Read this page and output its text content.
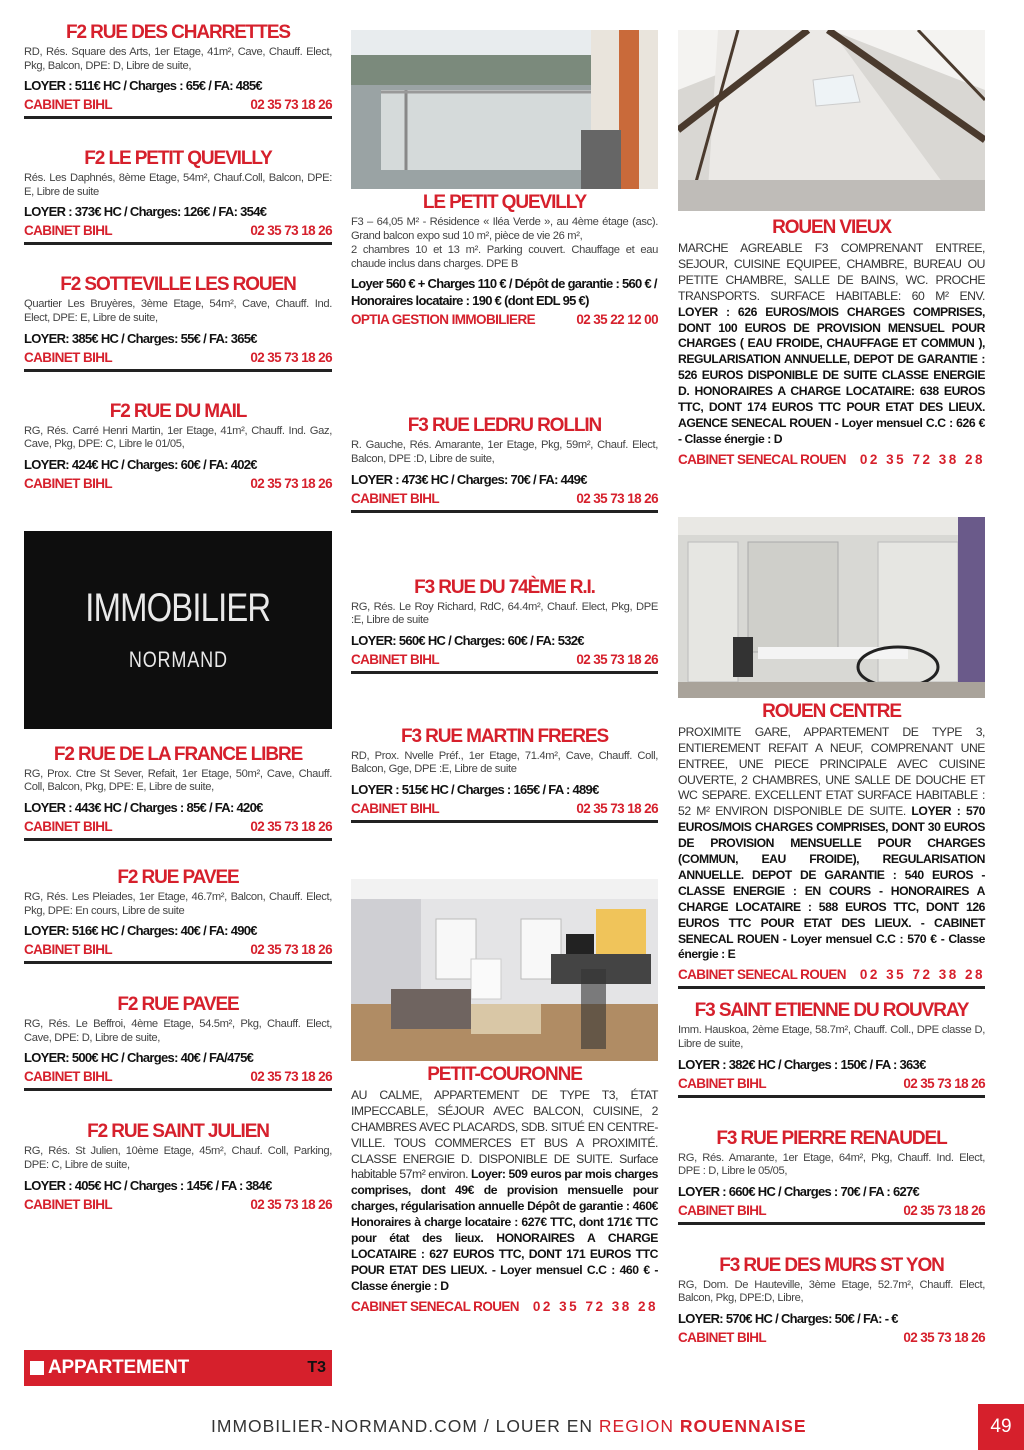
F2 RUE DES CHARRETTES

RD, Rés. Square des Arts, 1er Etage, 41m², Cave, Chauff. Elect, Pkg, Balcon, DPE: D, Libre de suite,

LOYER : 511€ HC / Charges : 65€ / FA: 485€

CABINET BIHL	02 35 73 18 26
F2 LE PETIT QUEVILLY

Rés. Les Daphnés, 8ème Etage, 54m², Chauf.Coll, Balcon, DPE: E, Libre de suite

LOYER : 373€ HC / Charges: 126€ / FA: 354€

CABINET BIHL	02 35 73 18 26
F2 SOTTEVILLE LES ROUEN

Quartier Les Bruyères, 3ème Etage, 54m², Cave, Chauff. Ind. Elect, DPE: E, Libre de suite,

LOYER: 385€ HC / Charges: 55€ / FA: 365€

CABINET BIHL	02 35 73 18 26
F2 RUE DU MAIL

RG, Rés. Carré Henri Martin, 1er Etage, 41m², Chauff. Ind. Gaz, Cave, Pkg, DPE: C, Libre le 01/05,

LOYER: 424€ HC / Charges: 60€ / FA: 402€

CABINET BIHL	02 35 73 18 26
IMMOBILIER
NORMAND
F2 RUE DE LA FRANCE LIBRE

RG, Prox. Ctre St Sever, Refait, 1er Etage, 50m², Cave, Chauff. Coll, Balcon, Pkg, DPE: E, Libre de suite,

LOYER : 443€ HC / Charges : 85€ / FA: 420€

CABINET BIHL	02 35 73 18 26
F2 RUE PAVEE

RG, Rés. Les Pleiades, 1er Etage, 46.7m², Balcon, Chauff. Elect, Pkg, DPE: En cours, Libre de suite

LOYER: 516€ HC / Charges: 40€ / FA: 490€

CABINET BIHL	02 35 73 18 26
F2 RUE PAVEE

RG, Rés. Le Beffroi, 4ème Etage, 54.5m², Pkg, Chauff. Elect, Cave, DPE: D, Libre de suite,

LOYER: 500€ HC / Charges: 40€ / FA/475€

CABINET BIHL	02 35 73 18 26
F2 RUE SAINT JULIEN

RG, Rés. St Julien, 10ème Etage, 45m², Chauf. Coll, Parking, DPE: C, Libre de suite,

LOYER : 405€ HC / Charges : 145€ / FA : 384€

CABINET BIHL	02 35 73 18 26
APPARTEMENT	T3
LE PETIT QUEVILLY

F3 – 64,05 M² - Résidence « Iléa Verde », au 4ème étage (asc). Grand balcon expo sud 10 m², pièce de vie 26 m²,

2 chambres 10 et 13 m². Parking couvert. Chauffage et eau chaude inclus dans charges. DPE B

Loyer 560 € + Charges 110 € / Dépôt de garantie : 560 € / Honoraires locataire : 190 € (dont EDL 95 €)

OPTIA GESTION IMMOBILIERE	02 35 22 12 00
F3 RUE LEDRU ROLLIN

R. Gauche, Rés. Amarante, 1er Etage, Pkg, 59m², Chauf. Elect, Balcon, DPE :D, Libre de suite,

LOYER : 473€ HC / Charges: 70€ / FA: 449€

CABINET BIHL	02 35 73 18 26
F3 RUE DU 74ÈME R.I.

RG, Rés. Le Roy Richard, RdC, 64.4m², Chauf. Elect, Pkg, DPE :E, Libre de suite

LOYER: 560€ HC / Charges: 60€ / FA: 532€

CABINET BIHL	02 35 73 18 26
F3 RUE MARTIN FRERES

RD, Prox. Nvelle Préf., 1er Etage, 71.4m², Cave, Chauff. Coll, Balcon, Gge, DPE :E, Libre de suite

LOYER : 515€ HC / Charges : 165€ / FA : 489€

CABINET BIHL	02 35 73 18 26
PETIT-COURONNE

AU CALME, APPARTEMENT DE TYPE T3, ÉTAT IMPECCABLE, SÉJOUR AVEC BALCON, CUISINE, 2 CHAMBRES AVEC PLACARDS, SDB. SITUÉ EN CENTRE-VILLE. TOUS COMMERCES ET BUS A PROXIMITÉ. CLASSE ENERGIE D. DISPONIBLE DE SUITE. Surface habitable 57m² environ. Loyer: 509 euros par mois charges comprises, dont 49€ de provision mensuelle pour charges, régularisation annuelle Dépôt de garantie : 460€ Honoraires à charge locataire : 627€ TTC, dont 171€ TTC pour état des lieux. HONORAIRES A CHARGE LOCATAIRE : 627 EUROS TTC, DONT 171 EUROS TTC POUR ETAT DES LIEUX. - Loyer mensuel C.C : 460 € - Classe énergie : D

CABINET SENECAL ROUEN 02 35 72 38 28
ROUEN VIEUX

MARCHE AGREABLE F3 COMPRENANT ENTREE, SEJOUR, CUISINE EQUIPEE, CHAMBRE, BUREAU OU PETITE CHAMBRE, SALLE DE BAINS, WC. PROCHE TRANSPORTS. SURFACE HABITABLE: 60 M² ENV. LOYER : 626 EUROS/MOIS CHARGES COMPRISES, DONT 100 EUROS DE PROVISION MENSUEL POUR CHARGES ( EAU FROIDE, CHAUFFAGE ET COMMUN ), REGULARISATION ANNUELLE, DEPOT DE GARANTIE : 526 EUROS DISPONIBLE DE SUITE CLASSE ENERGIE D. HONORAIRES A CHARGE LOCATAIRE: 638 EUROS TTC, DONT 174 EUROS TTC POUR ETAT DES LIEUX. AGENCE SENECAL ROUEN - Loyer mensuel C.C : 626 € - Classe énergie : D

CABINET SENECAL ROUEN 02 35 72 38 28
ROUEN CENTRE

PROXIMITE GARE, APPARTEMENT DE TYPE 3, ENTIEREMENT REFAIT A NEUF, COMPRENANT UNE ENTREE, UNE PIECE PRINCIPALE AVEC CUISINE OUVERTE, 2 CHAMBRES, UNE SALLE DE DOUCHE ET WC SEPARE. EXCELLENT ETAT SURFACE HABITABLE : 52 M² ENVIRON DISPONIBLE DE SUITE. LOYER : 570 EUROS/MOIS CHARGES COMPRISES, DONT 30 EUROS DE PROVISION MENSUELLE POUR CHARGES (COMMUN, EAU FROIDE), REGULARISATION ANNUELLE. DEPOT DE GARANTIE : 540 EUROS - CLASSE ENERGIE : EN COURS - HONORAIRES A CHARGE LOCATAIRE : 588 EUROS TTC, DONT 126 EUROS TTC POUR ETAT DES LIEUX. - CABINET SENECAL ROUEN - Loyer mensuel C.C : 570 € - Classe énergie : E

CABINET SENECAL ROUEN 02 35 72 38 28
F3 SAINT ETIENNE DU ROUVRAY

Imm. Hauskoa, 2ème Etage, 58.7m², Chauff. Coll., DPE classe D, Libre de suite,

LOYER : 382€ HC / Charges : 150€ / FA : 363€

CABINET BIHL	02 35 73 18 26
F3 RUE PIERRE RENAUDEL

RG, Rés. Amarante, 1er Etage, 64m², Pkg, Chauff. Ind. Elect, DPE : D, Libre le 05/05,

LOYER : 660€ HC / Charges : 70€ / FA : 627€

CABINET BIHL	02 35 73 18 26
F3 RUE DES MURS ST YON

RG, Dom. De Hauteville, 3ème Etage, 52.7m², Chauff. Elect, Balcon, Pkg, DPE:D, Libre,

LOYER: 570€ HC / Charges: 50€ / FA: - €

CABINET BIHL	02 35 73 18 26
IMMOBILIER-NORMAND.COM / LOUER EN REGION ROUENNAISE	49
